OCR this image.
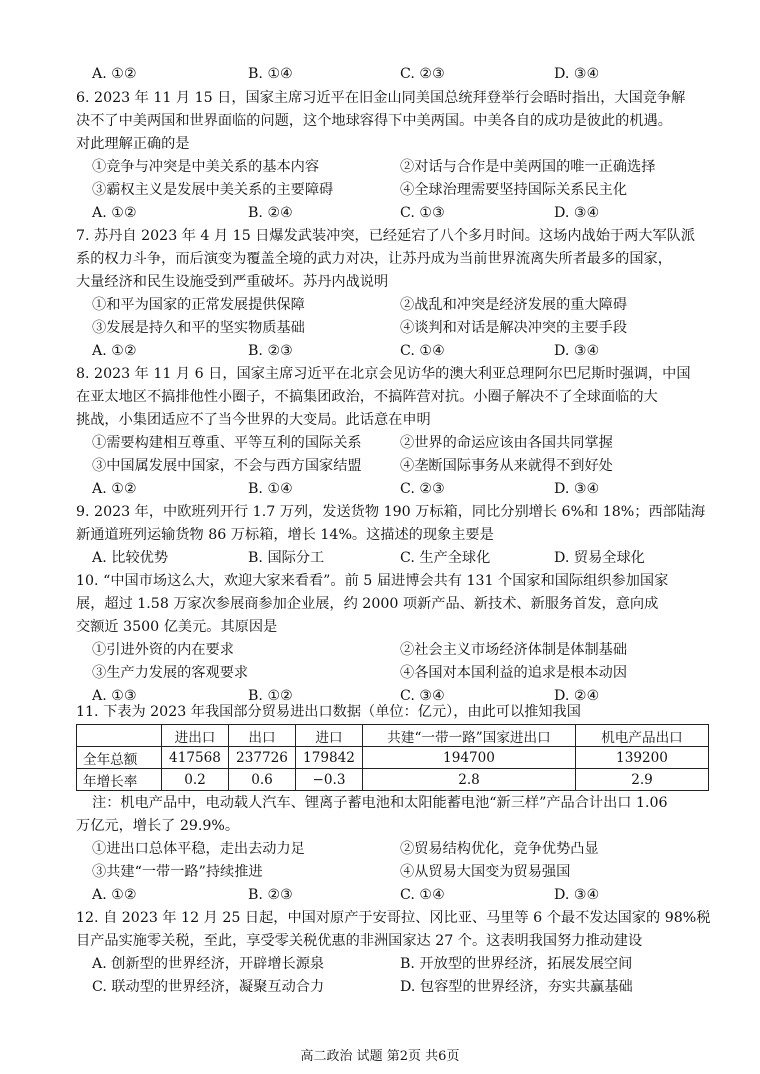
A. ①②	B. ①④	C. ②③	D. ③④
6. 2023 年 11 月 15 日，国家主席习近平在旧金山同美国总统拜登举行会晤时指出，大国竞争解
决不了中美两国和世界面临的问题，这个地球容得下中美两国。中美各自的成功是彼此的机遇。
对此理解正确的是
①竞争与冲突是中美关系的基本内容	②对话与合作是中美两国的唯一正确选择
③霸权主义是发展中美关系的主要障碍	④全球治理需要坚持国际关系民主化
A. ①②	B. ②④	C. ①③	D. ③④
7. 苏丹自 2023 年 4 月 15 日爆发武装冲突，已经延宕了八个多月时间。这场内战始于两大军队派
系的权力斗争，而后演变为覆盖全境的武力对决，让苏丹成为当前世界流离失所者最多的国家，
大量经济和民生设施受到严重破坏。苏丹内战说明
①和平为国家的正常发展提供保障	②战乱和冲突是经济发展的重大障碍
③发展是持久和平的坚实物质基础	④谈判和对话是解决冲突的主要手段
A. ①②	B. ②③	C. ①④	D. ③④
8. 2023 年 11 月 6 日，国家主席习近平在北京会见访华的澳大利亚总理阿尔巴尼斯时强调，中国
在亚太地区不搞排他性小圈子，不搞集团政治，不搞阵营对抗。小圈子解决不了全球面临的大
挑战，小集团适应不了当今世界的大变局。此话意在申明
①需要构建相互尊重、平等互利的国际关系	②世界的命运应该由各国共同掌握
③中国属发展中国家，不会与西方国家结盟	④垄断国际事务从来就得不到好处
A. ①②	B. ①④	C. ②③	D. ③④
9. 2023 年，中欧班列开行 1.7 万列，发送货物 190 万标箱，同比分别增长 6%和 18%；西部陆海
新通道班列运输货物 86 万标箱，增长 14%。这描述的现象主要是
A. 比较优势	B. 国际分工	C. 生产全球化	D. 贸易全球化
10. “中国市场这么大，欢迎大家来看看”。前 5 届进博会共有 131 个国家和国际组织参加国家
展，超过 1.58 万家次参展商参加企业展，约 2000 项新产品、新技术、新服务首发，意向成
交额近 3500 亿美元。其原因是
①引进外资的内在要求	②社会主义市场经济体制是体制基础
③生产力发展的客观要求	④各国对本国利益的追求是根本动因
A. ①③	B. ①②	C. ③④	D. ②④
11. 下表为 2023 年我国部分贸易进出口数据（单位：亿元），由此可以推知我国
	进出口	出口	进口	共建“一带一路”国家进出口	机电产品出口
全年总额	417568	237726	179842	194700	139200
年增长率	0.2	0.6	−0.3	2.8	2.9
注：机电产品中，电动载人汽车、锂离子蓄电池和太阳能蓄电池“新三样”产品合计出口 1.06
万亿元，增长了 29.9%。
①进出口总体平稳，走出去动力足	②贸易结构优化，竞争优势凸显
③共建“一带一路”持续推进	④从贸易大国变为贸易强国
A. ①②	B. ②③	C. ①④	D. ③④
12. 自 2023 年 12 月 25 日起，中国对原产于安哥拉、冈比亚、马里等 6 个最不发达国家的 98%税
目产品实施零关税，至此，享受零关税优惠的非洲国家达 27 个。这表明我国努力推动建设
A. 创新型的世界经济，开辟增长源泉	B. 开放型的世界经济，拓展发展空间
C. 联动型的世界经济，凝聚互动合力	D. 包容型的世界经济，夯实共赢基础
高二政治 试题 第2页 共6页
